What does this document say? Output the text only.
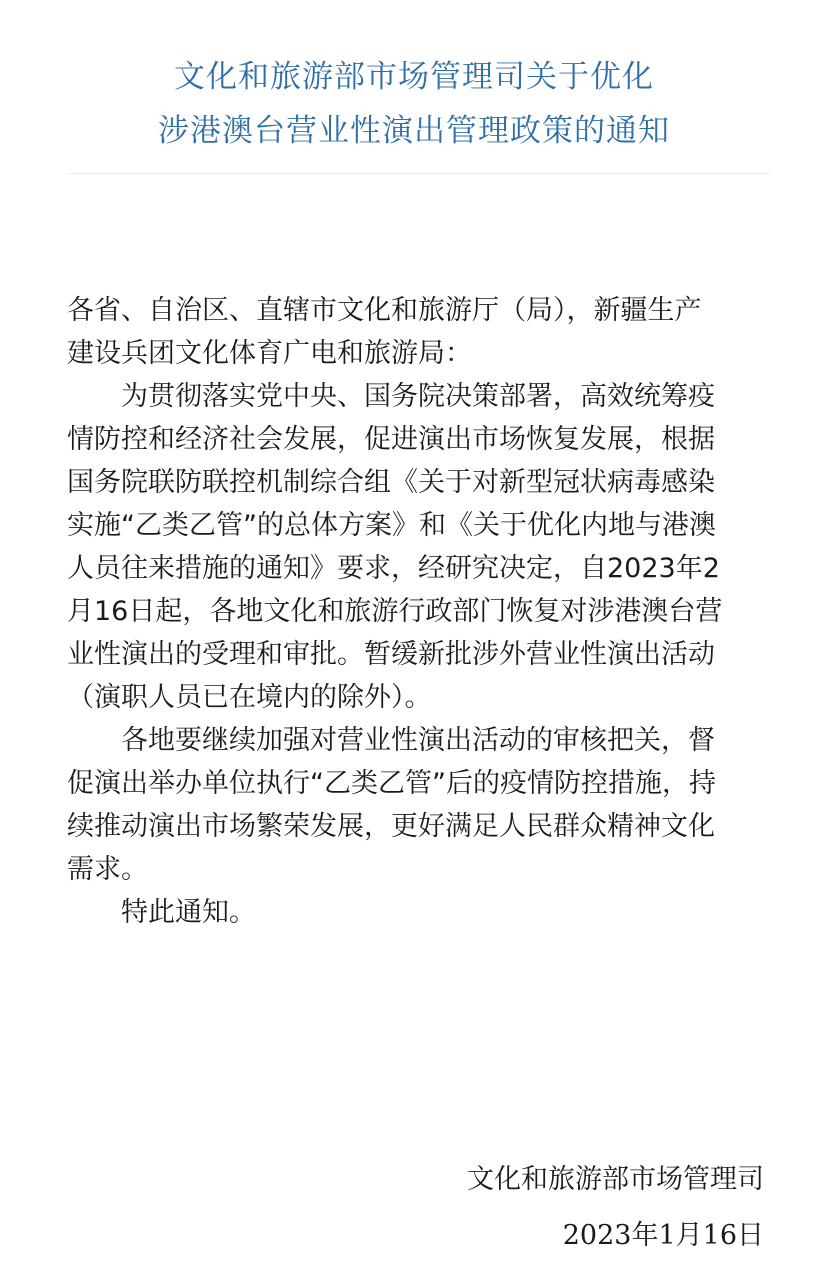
文化和旅游部市场管理司关于优化
涉港澳台营业性演出管理政策的通知
各省、自治区、直辖市文化和旅游厅（局），新疆生产
建设兵团文化体育广电和旅游局：
　　为贯彻落实党中央、国务院决策部署，高效统筹疫
情防控和经济社会发展，促进演出市场恢复发展，根据
国务院联防联控机制综合组《关于对新型冠状病毒感染
实施“乙类乙管”的总体方案》和《关于优化内地与港澳
人员往来措施的通知》要求，经研究决定，自2023年2
月16日起，各地文化和旅游行政部门恢复对涉港澳台营
业性演出的受理和审批。暂缓新批涉外营业性演出活动
（演职人员已在境内的除外）。
　　各地要继续加强对营业性演出活动的审核把关，督
促演出举办单位执行“乙类乙管”后的疫情防控措施，持
续推动演出市场繁荣发展，更好满足人民群众精神文化
需求。
　　特此通知。
文化和旅游部市场管理司
2023年1月16日
